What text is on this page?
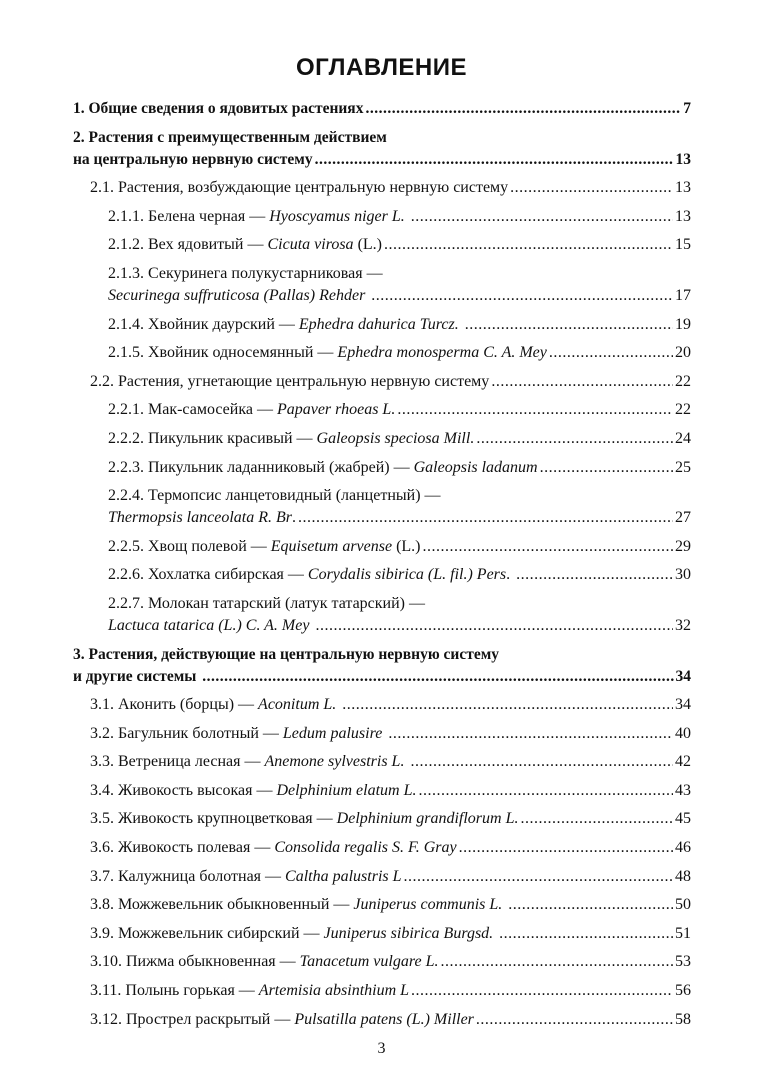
ОГЛАВЛЕНИЕ
1. Общие сведения о ядовитых растениях .....	7
2. Растения с преимущественным действием
на центральную нервную систему .....	13
2.1. Растения, возбуждающие центральную нервную систему .....	13
2.1.1. Белена черная — Hyoscyamus niger L. .....	13
2.1.2. Вех ядовитый — Cicuta virosa (L.) .....	15
2.1.3. Секуринега полукустарниковая —
Securinega suffruticosa (Pallas) Rehder .....	17
2.1.4. Хвойник даурский — Ephedra dahurica Turcz. .....	19
2.1.5. Хвойник односемянный — Ephedra monosperma C. A. Mey .....	20
2.2. Растения, угнетающие центральную нервную систему .....	22
2.2.1. Мак-самосейка — Papaver rhoeas L. .....	22
2.2.2. Пикульник красивый — Galeopsis speciosa Mill. .....	24
2.2.3. Пикульник ладанниковый (жабрей) — Galeopsis ladanum .....	25
2.2.4. Термопсис ланцетовидный (ланцетный) —
Thermopsis lanceolata R. Br. .....	27
2.2.5. Хвощ полевой — Equisetum arvense (L.) .....	29
2.2.6. Хохлатка сибирская — Corydalis sibirica (L. fil.) Pers. .....	30
2.2.7. Молокан татарский (латук татарский) —
Lactuca tatarica (L.) C. A. Mey .....	32
3. Растения, действующие на центральную нервную систему
и другие системы .....	34
3.1. Аконить (борцы) — Aconitum L. .....	34
3.2. Багульник болотный — Ledum palusire .....	40
3.3. Ветреница лесная — Anemone sylvestris L. .....	42
3.4. Живокость высокая — Delphinium elatum L. .....	43
3.5. Живокость крупноцветковая — Delphinium grandiflorum L. .....	45
3.6. Живокость полевая — Consolida regalis S. F. Gray .....	46
3.7. Калужница болотная — Caltha palustris L .....	48
3.8. Можжевельник обыкновенный — Juniperus communis L. .....	50
3.9. Можжевельник сибирский — Juniperus sibirica Burgsd. .....	51
3.10. Пижма обыкновенная — Tanacetum vulgare L. .....	53
3.11. Полынь горькая — Artemisia absinthium L .....	56
3.12. Прострел раскрытый — Pulsatilla patens (L.) Miller .....	58
3
